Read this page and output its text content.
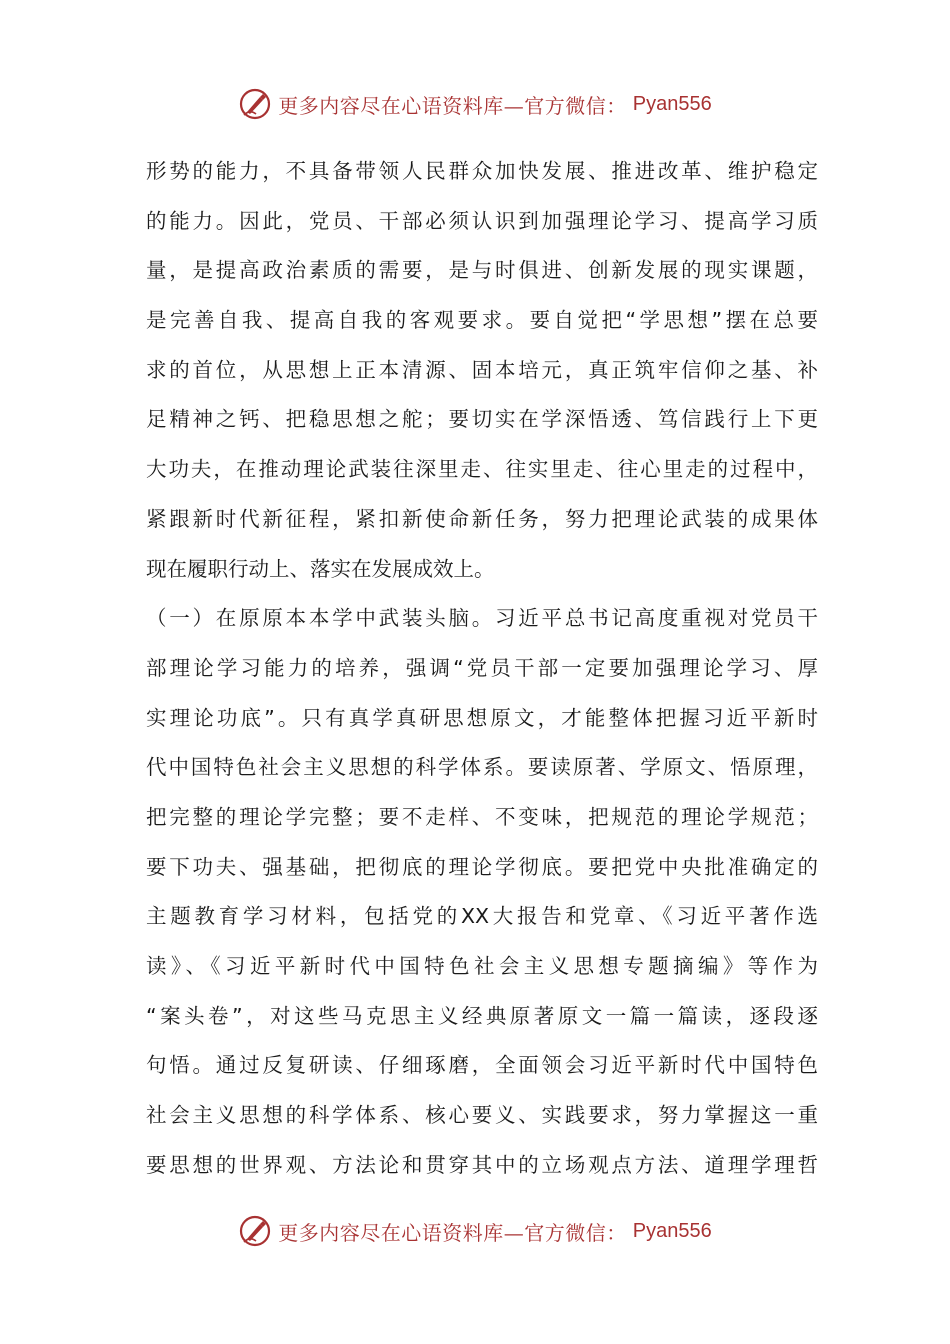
更多内容尽在心语资料库—官方微信： Pyan556
形势的能力，不具备带领人民群众加快发展、推进改革、维护稳定
的能力。因此，党员、干部必须认识到加强理论学习、提高学习质
量，是提高政治素质的需要，是与时俱进、创新发展的现实课题，
是完善自我、提高自我的客观要求。要自觉把“学思想”摆在总要
求的首位，从思想上正本清源、固本培元，真正筑牢信仰之基、补
足精神之钙、把稳思想之舵；要切实在学深悟透、笃信践行上下更
大功夫，在推动理论武装往深里走、往实里走、往心里走的过程中，
紧跟新时代新征程，紧扣新使命新任务，努力把理论武装的成果体
现在履职行动上、落实在发展成效上。
（一）在原原本本学中武装头脑。习近平总书记高度重视对党员干
部理论学习能力的培养，强调“党员干部一定要加强理论学习、厚
实理论功底”。只有真学真研思想原文，才能整体把握习近平新时
代中国特色社会主义思想的科学体系。要读原著、学原文、悟原理，
把完整的理论学完整；要不走样、不变味，把规范的理论学规范；
要下功夫、强基础，把彻底的理论学彻底。要把党中央批准确定的
主题教育学习材料，包括党的XX大报告和党章、《习近平著作选
读》、《习近平新时代中国特色社会主义思想专题摘编》等作为
“案头卷”，对这些马克思主义经典原著原文一篇一篇读，逐段逐
句悟。通过反复研读、仔细琢磨，全面领会习近平新时代中国特色
社会主义思想的科学体系、核心要义、实践要求，努力掌握这一重
要思想的世界观、方法论和贯穿其中的立场观点方法、道理学理哲
更多内容尽在心语资料库—官方微信： Pyan556
